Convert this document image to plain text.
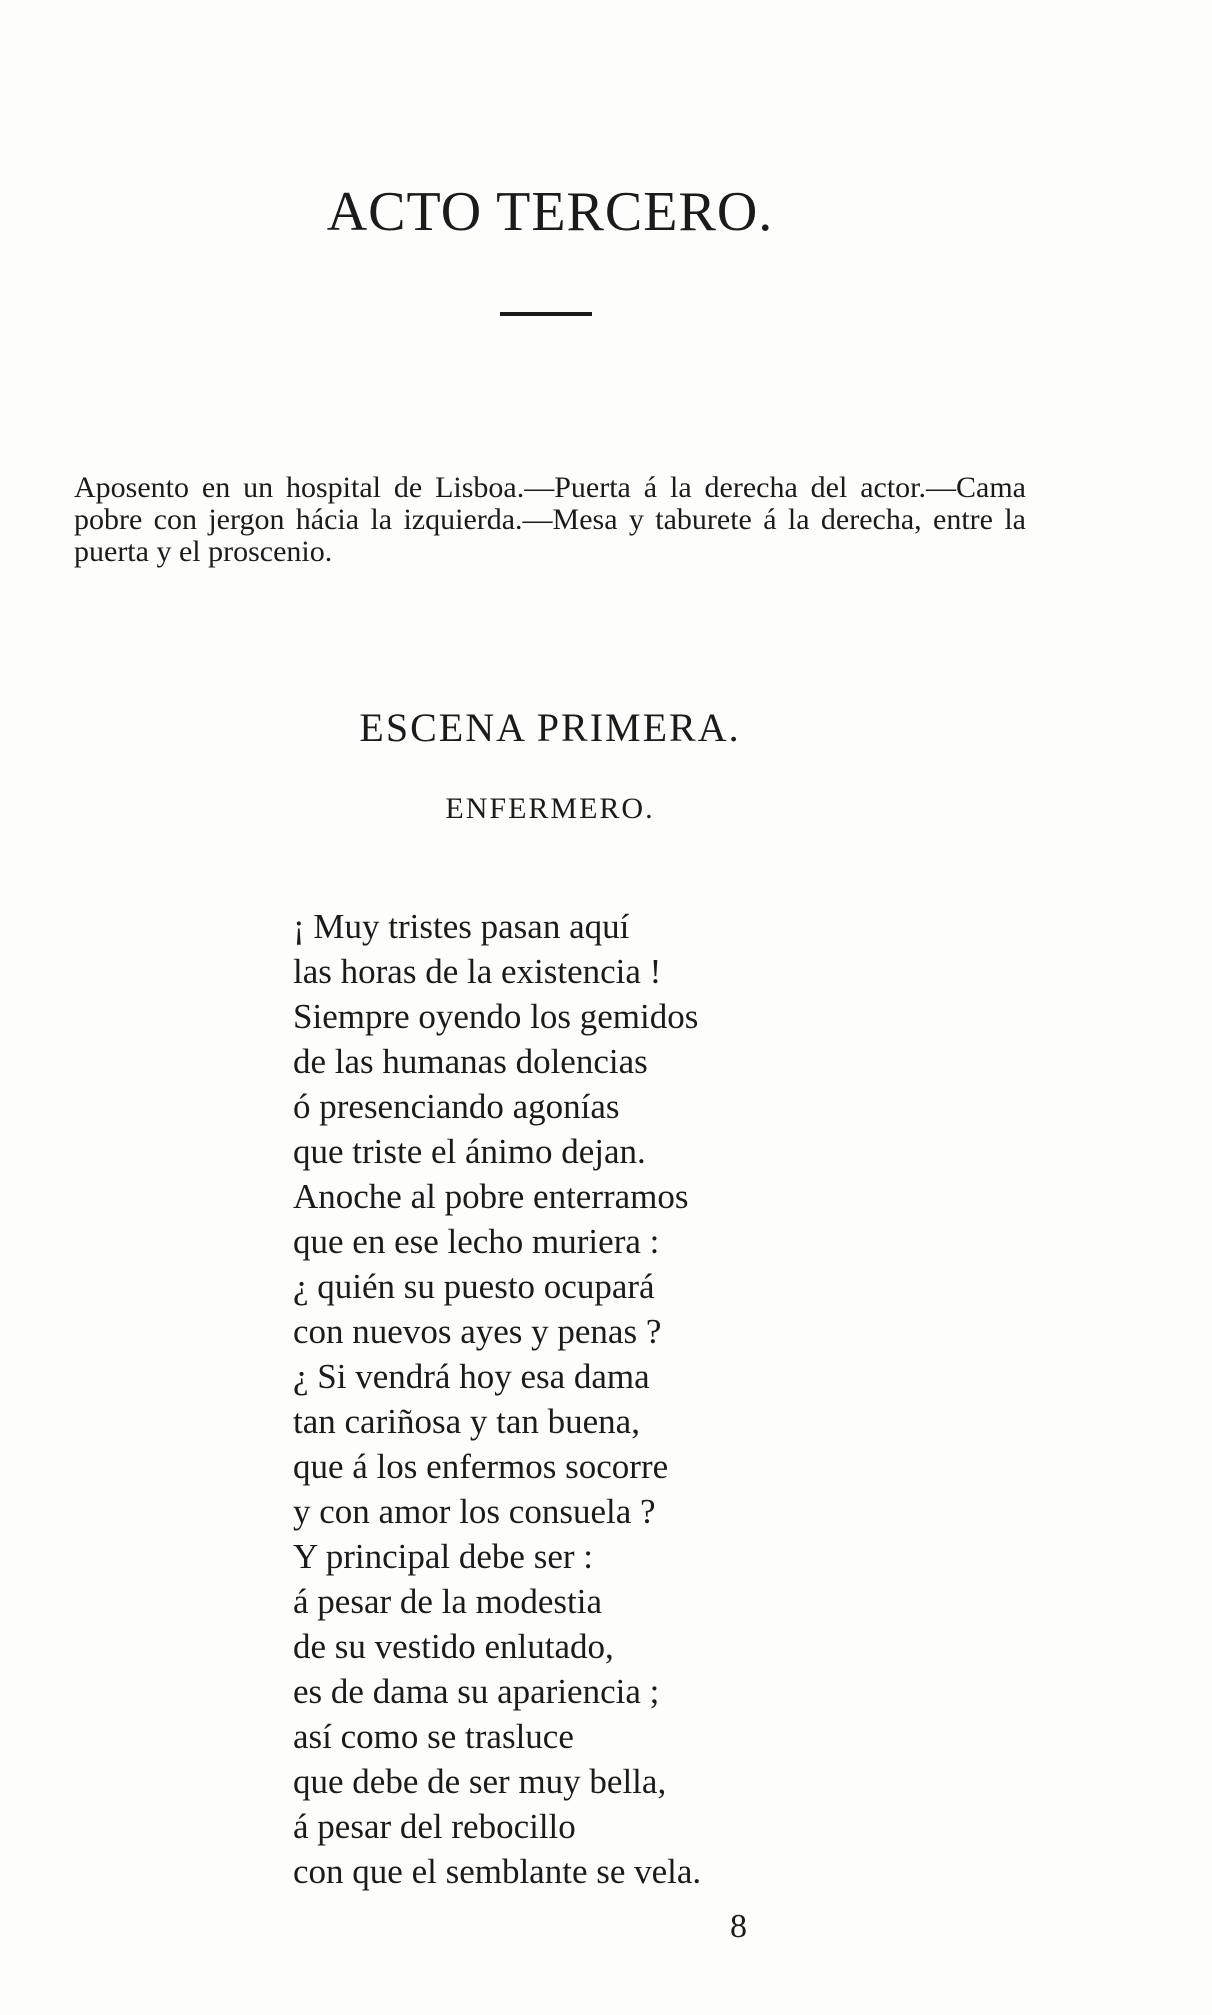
ACTO TERCERO.

Aposento en un hospital de Lisboa.—Puerta á la derecha del actor.—Cama pobre con jergon hácia la izquierda.—Mesa y taburete á la derecha, entre la puerta y el proscenio.

ESCENA PRIMERA.
ENFERMERO.
¡ Muy tristes pasan aquí
las horas de la existencia !
Siempre oyendo los gemidos
de las humanas dolencias
ó presenciando agonías
que triste el ánimo dejan.
Anoche al pobre enterramos
que en ese lecho muriera :
¿ quién su puesto ocupará
con nuevos ayes y penas ?
¿ Si vendrá hoy esa dama
tan cariñosa y tan buena,
que á los enfermos socorre
y con amor los consuela ?
Y principal debe ser :
á pesar de la modestia
de su vestido enlutado,
es de dama su apariencia ;
así como se trasluce
que debe de ser muy bella,
á pesar del rebocillo
con que el semblante se vela.
8
